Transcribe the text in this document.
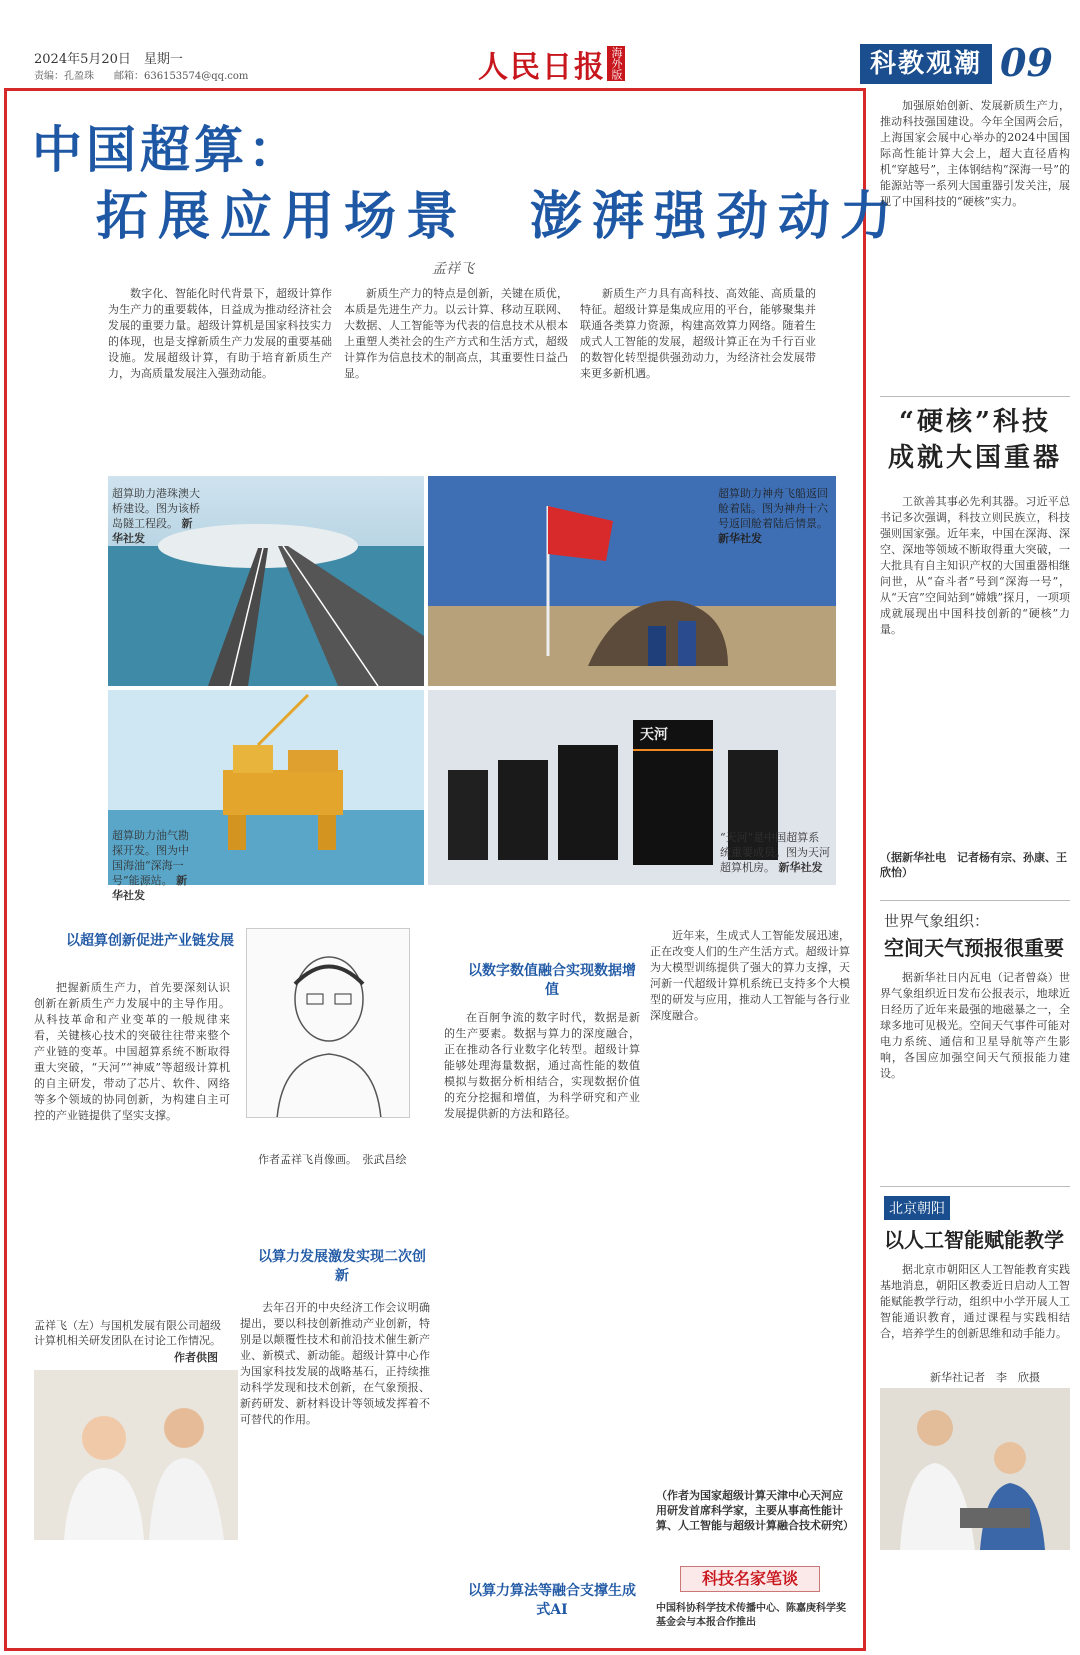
2024年5月20日　星期一
责编：孔盈珠　　邮箱：636153574@qq.com	人民日报 海外版	科教观潮 09
中国超算：
拓展应用场景　澎湃强劲动力
孟祥飞
数字化、智能化时代背景下，超级计算作为生产力的重要载体，日益成为推动经济社会发展的重要力量。超级计算机是国家科技实力的体现，也是支撑新质生产力发展的重要基础设施。发展超级计算，有助于培育新质生产力，为高质量发展注入强劲动能。
新质生产力的特点是创新，关键在质优，本质是先进生产力。以云计算、移动互联网、大数据、人工智能等为代表的信息技术从根本上重塑人类社会的生产方式和生活方式，超级计算作为信息技术的制高点，其重要性日益凸显。
新质生产力具有高科技、高效能、高质量的特征。超级计算是集成应用的平台，能够聚集并联通各类算力资源，构建高效算力网络。随着生成式人工智能的发展，超级计算正在为千行百业的数智化转型提供强劲动力，为经济社会发展带来更多新机遇。
超算助力港珠澳大桥建设。图为该桥岛隧工程段。 新华社发
超算助力神舟飞船返回舱着陆。图为神舟十六号返回舱着陆后情景。 新华社发
超算助力油气勘探开发。图为中国海油“深海一号”能源站。 新华社发
天河
“天河”是中国超算系统重要成员。图为天河超算机房。 新华社发
以超算创新促进产业链发展
把握新质生产力，首先要深刻认识创新在新质生产力发展中的主导作用。从科技革命和产业变革的一般规律来看，关键核心技术的突破往往带来整个产业链的变革。中国超算系统不断取得重大突破，“天河”“神威”等超级计算机的自主研发，带动了芯片、软件、网络等多个领域的协同创新，为构建自主可控的产业链提供了坚实支撑。
孟祥飞（左）与国机发展有限公司超级计算机相关研发团队在讨论工作情况。
作者供图
作者孟祥飞肖像画。　张武昌绘
以算力发展激发实现二次创新
去年召开的中央经济工作会议明确提出，要以科技创新推动产业创新，特别是以颠覆性技术和前沿技术催生新产业、新模式、新动能。超级计算中心作为国家科技发展的战略基石，正持续推动科学发现和技术创新，在气象预报、新药研发、新材料设计等领域发挥着不可替代的作用。
以数字数值融合实现数据增值
在百舸争流的数字时代，数据是新的生产要素。数据与算力的深度融合，正在推动各行业数字化转型。超级计算能够处理海量数据，通过高性能的数值模拟与数据分析相结合，实现数据价值的充分挖掘和增值，为科学研究和产业发展提供新的方法和路径。
以算力算法等融合支撑生成式AI
近年来，生成式人工智能发展迅速，正在改变人们的生产生活方式。超级计算为大模型训练提供了强大的算力支撑，天河新一代超级计算机系统已支持多个大模型的研发与应用，推动人工智能与各行业深度融合。
（作者为国家超级计算天津中心天河应用研发首席科学家，主要从事高性能计算、人工智能与超级计算融合技术研究）
科技名家笔谈
中国科协科学技术传播中心、陈嘉庚科学奖基金会与本报合作推出
加强原始创新、发展新质生产力，推动科技强国建设。今年全国两会后，上海国家会展中心举办的2024中国国际高性能计算大会上，超大直径盾构机“穿越号”，主体钢结构“深海一号”的能源站等一系列大国重器引发关注，展现了中国科技的“硬核”实力。
“硬核”科技
成就大国重器
工欲善其事必先利其器。习近平总书记多次强调，科技立则民族立，科技强则国家强。近年来，中国在深海、深空、深地等领域不断取得重大突破，一大批具有自主知识产权的大国重器相继问世，从“奋斗者”号到“深海一号”，从“天宫”空间站到“嫦娥”探月，一项项成就展现出中国科技创新的“硬核”力量。
（据新华社电　记者杨有宗、孙康、王欣怡）
世界气象组织：
空间天气预报很重要
据新华社日内瓦电（记者曾焱）世界气象组织近日发布公报表示，地球近日经历了近年来最强的地磁暴之一，全球多地可见极光。空间天气事件可能对电力系统、通信和卫星导航等产生影响，各国应加强空间天气预报能力建设。
北京朝阳
以人工智能赋能教学
据北京市朝阳区人工智能教育实践基地消息，朝阳区教委近日启动人工智能赋能教学行动，组织中小学开展人工智能通识教育，通过课程与实践相结合，培养学生的创新思维和动手能力。
新华社记者　李　欣摄
